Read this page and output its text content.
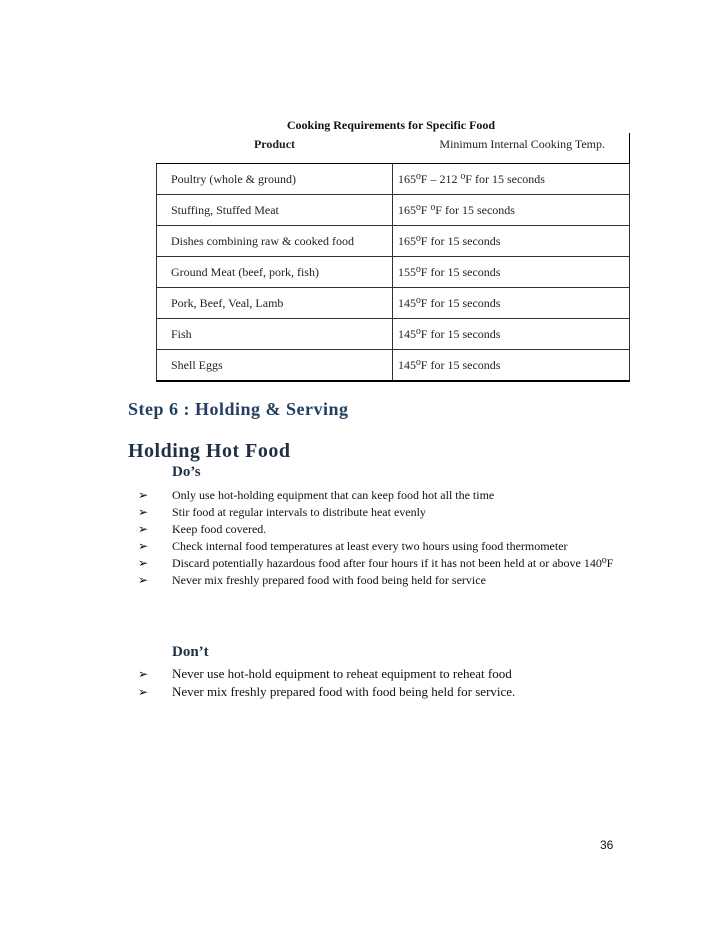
Cooking Requirements for Specific Food
Product	Minimum Internal Cooking Temp.
Poultry (whole & ground)	165⁰F – 212 ⁰F for 15 seconds
Stuffing, Stuffed Meat	165⁰F ⁰F for 15 seconds
Dishes combining raw & cooked food	165⁰F for 15 seconds
Ground Meat (beef, pork, fish)	155⁰F for 15 seconds
Pork, Beef, Veal, Lamb	145⁰F for 15 seconds
Fish	145⁰F for 15 seconds
Shell Eggs	145⁰F for 15 seconds
Step 6 : Holding & Serving
Holding Hot Food
Do’s
➢	Only use hot-holding equipment that can keep food hot all the time
➢	Stir food at regular intervals to distribute heat evenly
➢	Keep food covered.
➢	Check internal food temperatures at least every two hours using food thermometer
➢	Discard potentially hazardous food after four hours if it has not been held at or above 140⁰F
➢	Never mix freshly prepared food with food being held for service
Don’t
➢	Never use hot-hold equipment to reheat equipment to reheat food
➢	Never mix freshly prepared food with food being held for service.
36
